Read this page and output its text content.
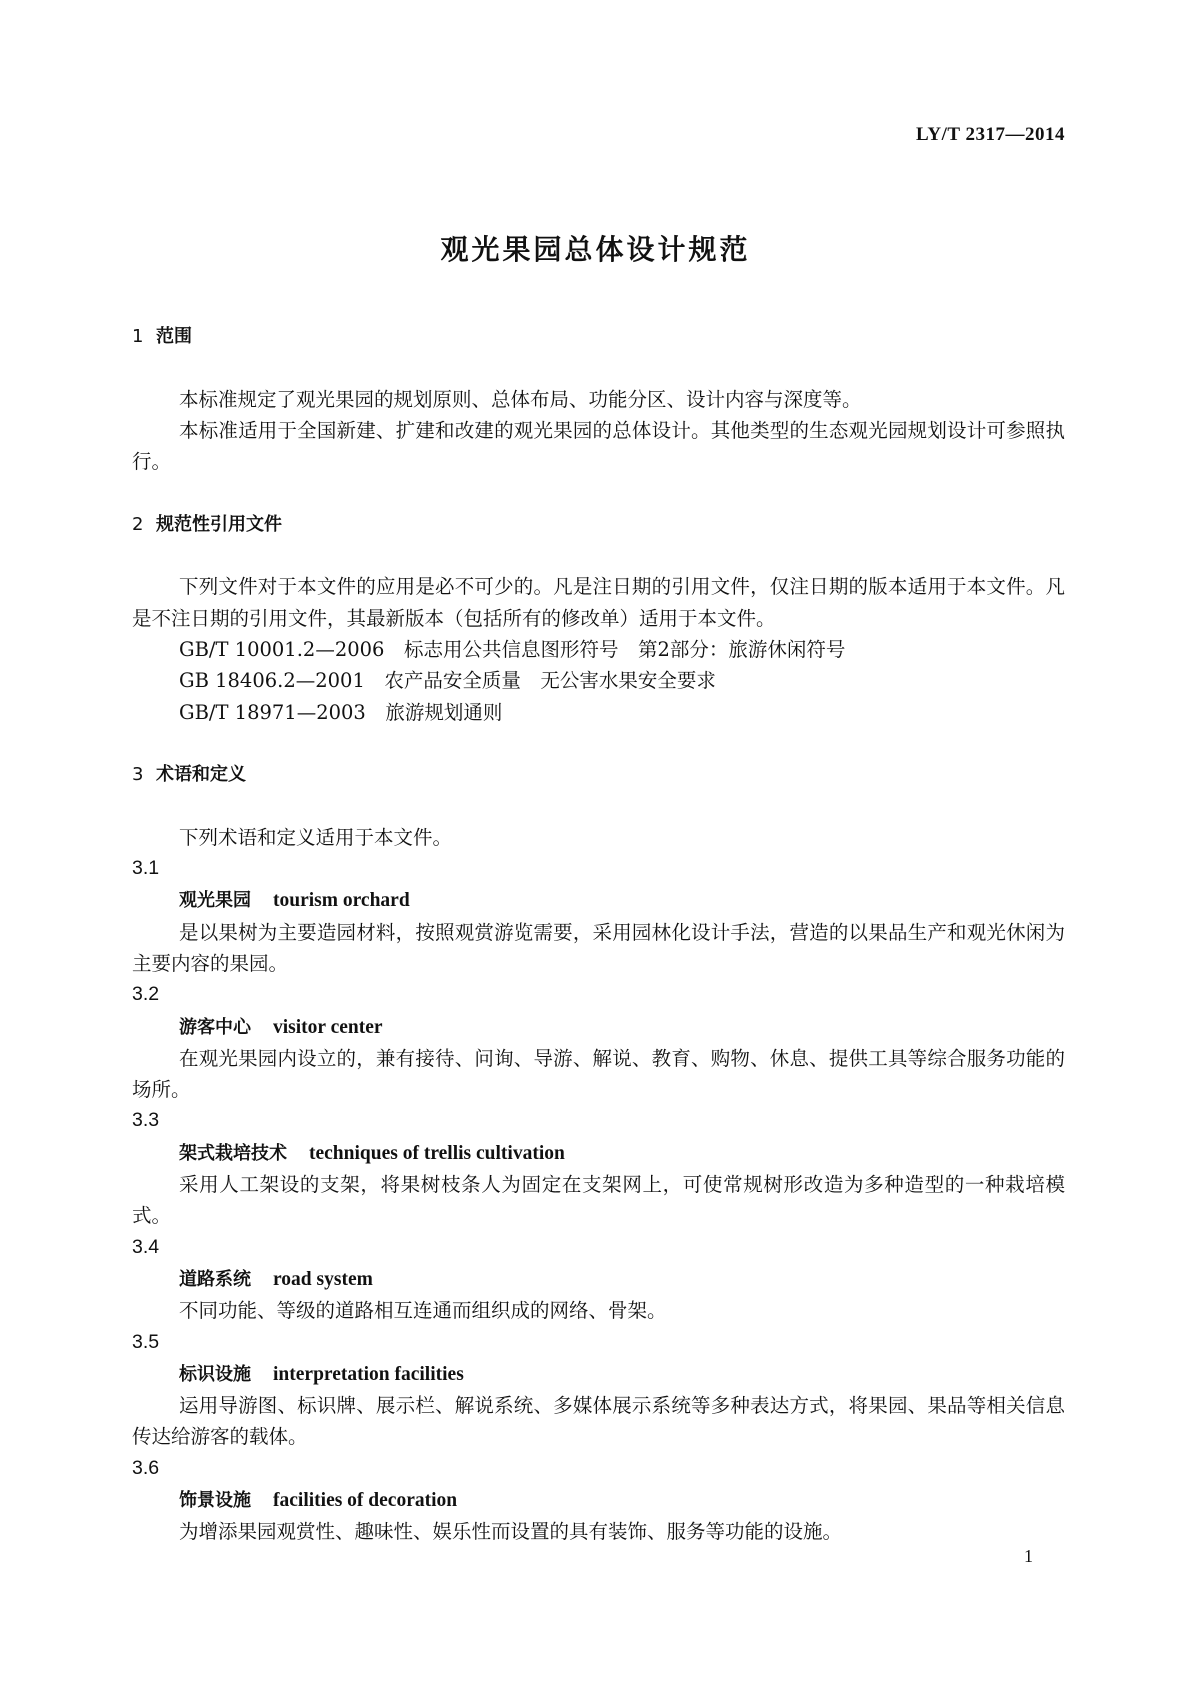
LY/T 2317—2014
观光果园总体设计规范
1 范围

本标准规定了观光果园的规划原则、总体布局、功能分区、设计内容与深度等。

本标准适用于全国新建、扩建和改建的观光果园的总体设计。其他类型的生态观光园规划设计可参照执行。

2 规范性引用文件

下列文件对于本文件的应用是必不可少的。凡是注日期的引用文件，仅注日期的版本适用于本文件。凡是不注日期的引用文件，其最新版本（包括所有的修改单）适用于本文件。

GB/T 10001.2—2006　标志用公共信息图形符号　第2部分：旅游休闲符号
GB 18406.2—2001　农产品安全质量　无公害水果安全要求
GB/T 18971—2003　旅游规划通则
3 术语和定义

下列术语和定义适用于本文件。

3.1
观光果园 tourism orchard

是以果树为主要造园材料，按照观赏游览需要，采用园林化设计手法，营造的以果品生产和观光休闲为主要内容的果园。

3.2
游客中心 visitor center

在观光果园内设立的，兼有接待、问询、导游、解说、教育、购物、休息、提供工具等综合服务功能的场所。

3.3
架式栽培技术 techniques of trellis cultivation

采用人工架设的支架，将果树枝条人为固定在支架网上，可使常规树形改造为多种造型的一种栽培模式。

3.4
道路系统 road system

不同功能、等级的道路相互连通而组织成的网络、骨架。

3.5
标识设施 interpretation facilities

运用导游图、标识牌、展示栏、解说系统、多媒体展示系统等多种表达方式，将果园、果品等相关信息传达给游客的载体。

3.6
饰景设施 facilities of decoration

为增添果园观赏性、趣味性、娱乐性而设置的具有装饰、服务等功能的设施。

1
